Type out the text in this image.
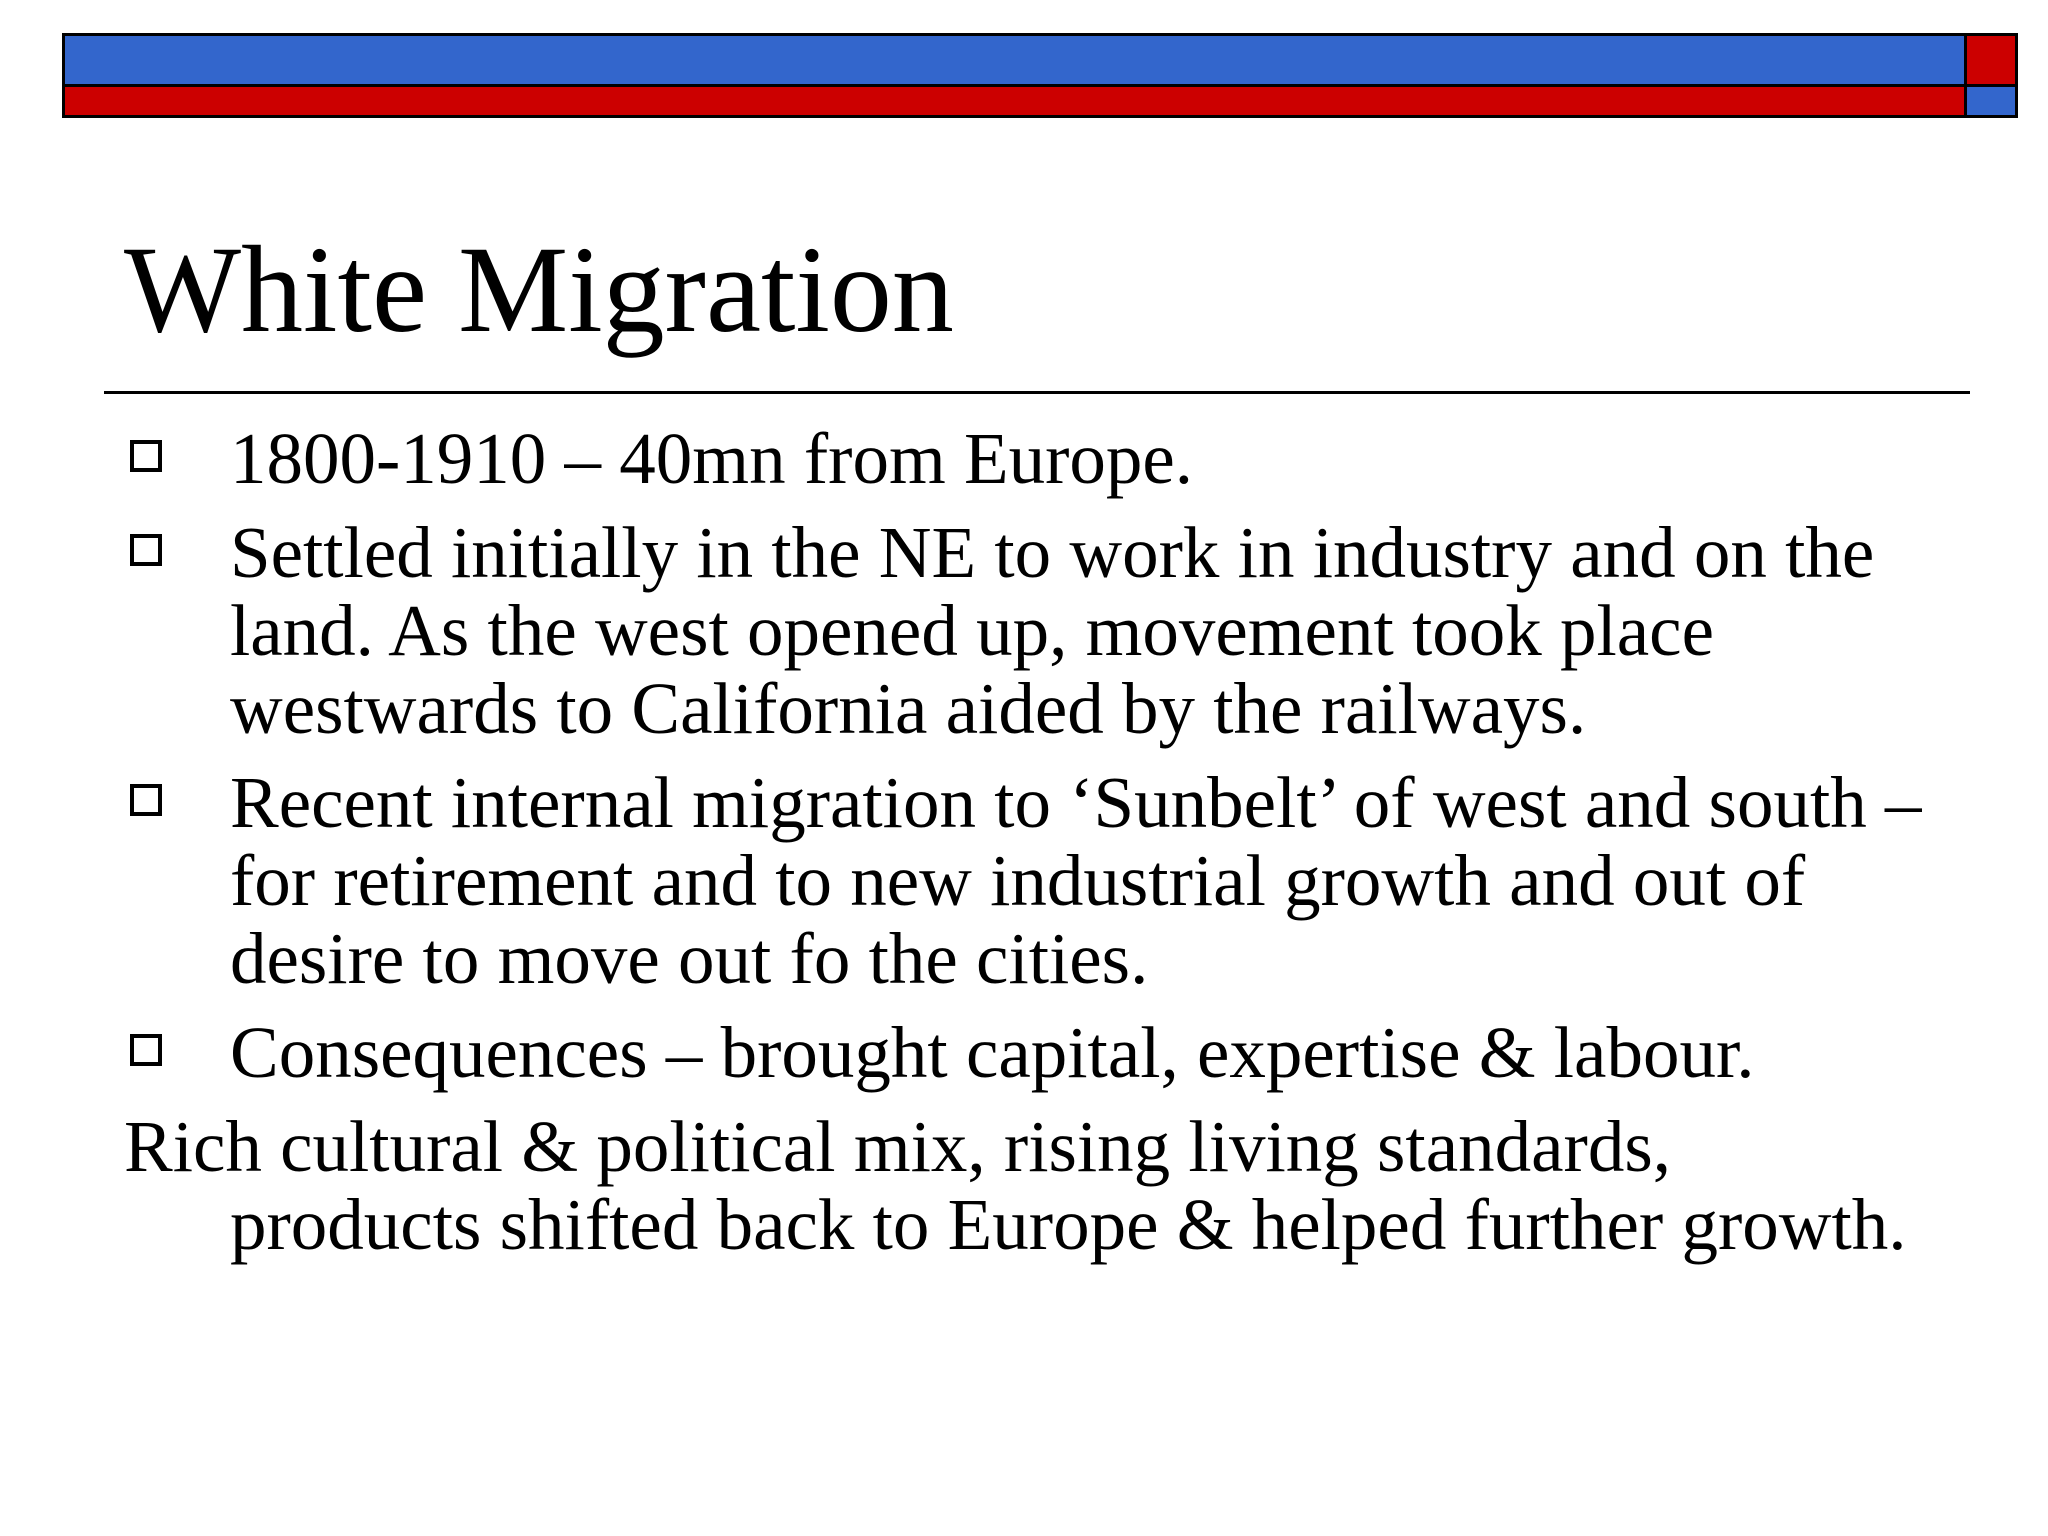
White Migration
1800-1910 – 40mn from Europe.
Settled initially in the NE to work in industry and on the land. As the west opened up, movement took place westwards to California aided by the railways.
Recent internal migration to ‘Sunbelt’ of west and south – for retirement and to new industrial growth and out of desire to move out fo the cities.
Consequences – brought capital, expertise & labour.

Rich cultural & political mix, rising living standards, products shifted back to Europe & helped further growth.
